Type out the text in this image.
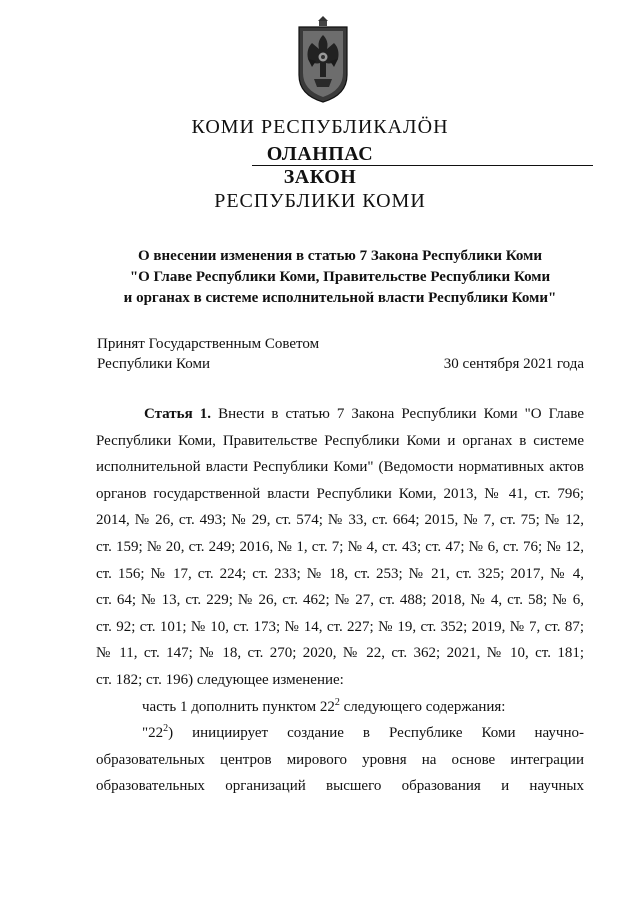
КОМИ РЕСПУБЛИКАЛӦН
ОЛАНПАС
ЗАКОН
РЕСПУБЛИКИ КОМИ
О внесении изменения в статью 7 Закона Республики Коми
"О Главе Республики Коми, Правительстве Республики Коми
и органах в системе исполнительной власти Республики Коми"
Принят Государственным Советом
Республики Коми	30 сентября 2021 года
Статья 1. Внести в статью 7 Закона Республики Коми "О Главе
Республики Коми, Правительстве Республики Коми и органах в системе
исполнительной власти Республики Коми" (Ведомости нормативных актов
органов государственной власти Республики Коми, 2013, № 41, ст. 796;
2014, № 26, ст. 493; № 29, ст. 574; № 33, ст. 664; 2015, № 7, ст. 75; № 12,
ст. 159; № 20, ст. 249; 2016, № 1, ст. 7; № 4, ст. 43; ст. 47; № 6, ст. 76; № 12,
ст. 156; № 17, ст. 224; ст. 233; № 18, ст. 253; № 21, ст. 325; 2017, № 4,
ст. 64; № 13, ст. 229; № 26, ст. 462; № 27, ст. 488; 2018, № 4, ст. 58; № 6,
ст. 92; ст. 101; № 10, ст. 173; № 14, ст. 227; № 19, ст. 352; 2019, № 7, ст. 87;
№ 11, ст. 147; № 18, ст. 270; 2020, № 22, ст. 362; 2021, № 10, ст. 181;
ст. 182; ст. 196) следующее изменение:
часть 1 дополнить пунктом $22^2$ следующего содержания:
"$22^2$)  инициирует  создание  в  Республике  Коми  научно-
образовательных центров мирового уровня на основе интеграции
образовательных   организаций   высшего   образования   и   научных
